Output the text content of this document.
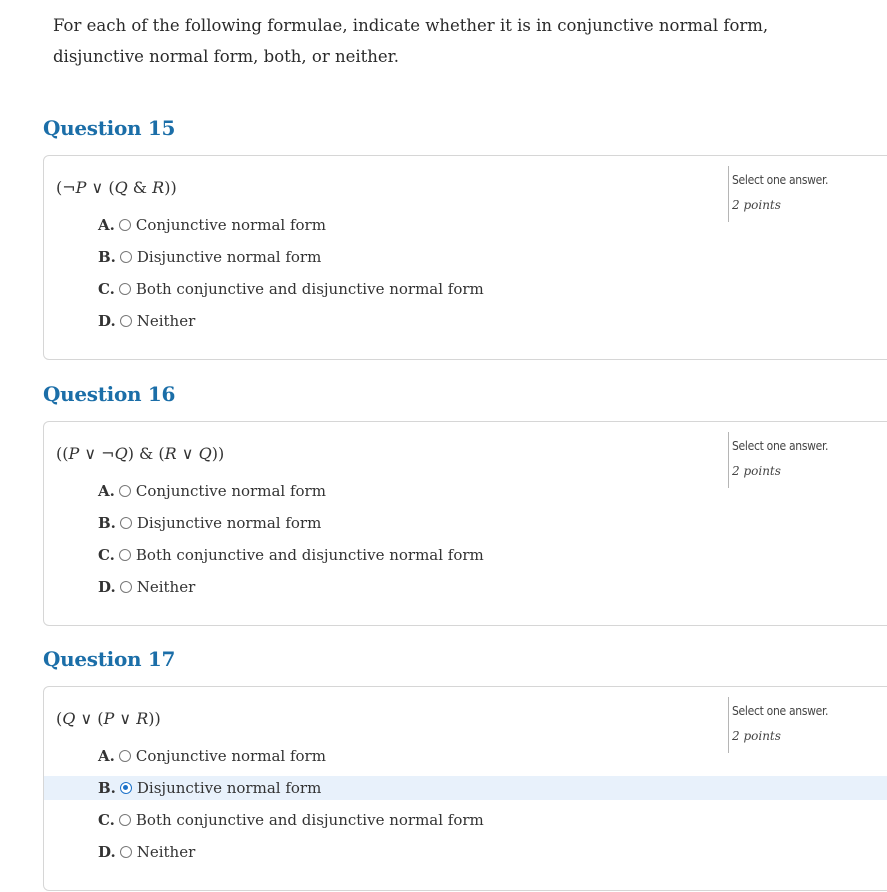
For each of the following formulae, indicate whether it is in conjunctive normal form, disjunctive normal form, both, or neither.
Question 15
(¬P ∨ (Q & R))	Select one answer.
2 points
A. Conjunctive normal form
B. Disjunctive normal form
C. Both conjunctive and disjunctive normal form
D. Neither
Question 16
((P ∨ ¬Q) & (R ∨ Q))	Select one answer.
2 points
A. Conjunctive normal form
B. Disjunctive normal form
C. Both conjunctive and disjunctive normal form
D. Neither
Question 17
(Q ∨ (P ∨ R))	Select one answer.
2 points
A. Conjunctive normal form
B. Disjunctive normal form
C. Both conjunctive and disjunctive normal form
D. Neither
